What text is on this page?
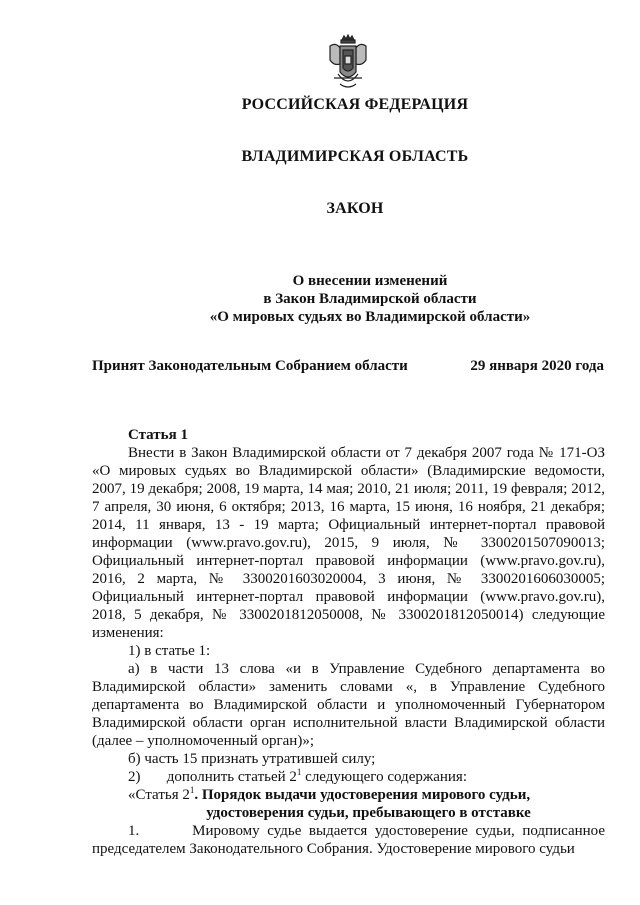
РОССИЙСКАЯ ФЕДЕРАЦИЯ
ВЛАДИМИРСКАЯ ОБЛАСТЬ
ЗАКОН
О внесении изменений
в Закон Владимирской области
«О мировых судьях во Владимирской области»
Принят Законодательным Собранием области	29 января 2020 года

Статья 1

Внести в Закон Владимирской области от 7 декабря 2007 года № 171-ОЗ «О мировых судьях во Владимирской области» (Владимирские ведомости, 2007, 19 декабря; 2008, 19 марта, 14 мая; 2010, 21 июля; 2011, 19 февраля; 2012, 7 апреля, 30 июня, 6 октября; 2013, 16 марта, 15 июня, 16 ноября, 21 декабря; 2014, 11 января, 13 - 19 марта; Официальный интернет-портал правовой информации (www.pravo.gov.ru), 2015, 9 июля, № 3300201507090013; Официальный интернет-портал правовой информации (www.pravo.gov.ru), 2016, 2 марта, № 3300201603020004, 3 июня, № 3300201606030005; Официальный интернет-портал правовой информации (www.pravo.gov.ru), 2018, 5 декабря, № 3300201812050008, № 3300201812050014) следующие изменения:

1) в статье 1:

а) в части 13 слова «и в Управление Судебного департамента во Владимирской области» заменить словами «, в Управление Судебного департамента во Владимирской области и уполномоченный Губернатором Владимирской области орган исполнительной власти Владимирской области (далее – уполномоченный орган)»;

б) часть 15 признать утратившей силу;

2) дополнить статьей $2^1$ следующего содержания:

«Статья $2^1$. Порядок выдачи удостоверения мирового судьи,

удостоверения судьи, пребывающего в отставке

1.	Мировому судье выдается удостоверение судьи, подписанное председателем Законодательного Собрания. Удостоверение мирового судьи
